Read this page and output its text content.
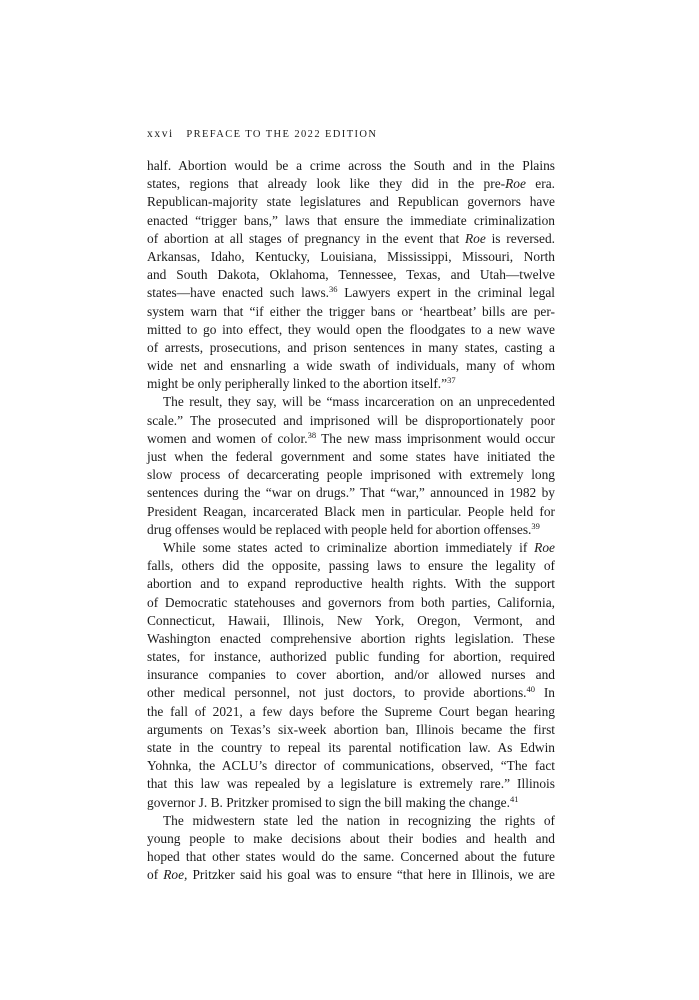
xxvi PREFACE TO THE 2022 EDITION
half. Abortion would be a crime across the South and in the Plains
states, regions that already look like they did in the pre-Roe era.
Republican-majority state legislatures and Republican governors have
enacted “trigger bans,” laws that ensure the immediate criminalization
of abortion at all stages of pregnancy in the event that Roe is reversed.
Arkansas, Idaho, Kentucky, Louisiana, Mississippi, Missouri, North
and South Dakota, Oklahoma, Tennessee, Texas, and Utah—twelve
states—have enacted such laws.$^{36}$ Lawyers expert in the criminal legal
system warn that “if either the trigger bans or ‘heartbeat’ bills are per-
mitted to go into effect, they would open the floodgates to a new wave
of arrests, prosecutions, and prison sentences in many states, casting a
wide net and ensnarling a wide swath of individuals, many of whom
might be only peripherally linked to the abortion itself.”$^{37}$
The result, they say, will be “mass incarceration on an unprecedented
scale.” The prosecuted and imprisoned will be disproportionately poor
women and women of color.$^{38}$ The new mass imprisonment would occur
just when the federal government and some states have initiated the
slow process of decarcerating people imprisoned with extremely long
sentences during the “war on drugs.” That “war,” announced in 1982 by
President Reagan, incarcerated Black men in particular. People held for
drug offenses would be replaced with people held for abortion offenses.$^{39}$
While some states acted to criminalize abortion immediately if Roe
falls, others did the opposite, passing laws to ensure the legality of
abortion and to expand reproductive health rights. With the support
of Democratic statehouses and governors from both parties, California,
Connecticut, Hawaii, Illinois, New York, Oregon, Vermont, and
Washington enacted comprehensive abortion rights legislation. These
states, for instance, authorized public funding for abortion, required
insurance companies to cover abortion, and/or allowed nurses and
other medical personnel, not just doctors, to provide abortions.$^{40}$ In
the fall of 2021, a few days before the Supreme Court began hearing
arguments on Texas’s six-week abortion ban, Illinois became the first
state in the country to repeal its parental notification law. As Edwin
Yohnka, the ACLU’s director of communications, observed, “The fact
that this law was repealed by a legislature is extremely rare.” Illinois
governor J. B. Pritzker promised to sign the bill making the change.$^{41}$
The midwestern state led the nation in recognizing the rights of
young people to make decisions about their bodies and health and
hoped that other states would do the same. Concerned about the future
of Roe, Pritzker said his goal was to ensure “that here in Illinois, we are
